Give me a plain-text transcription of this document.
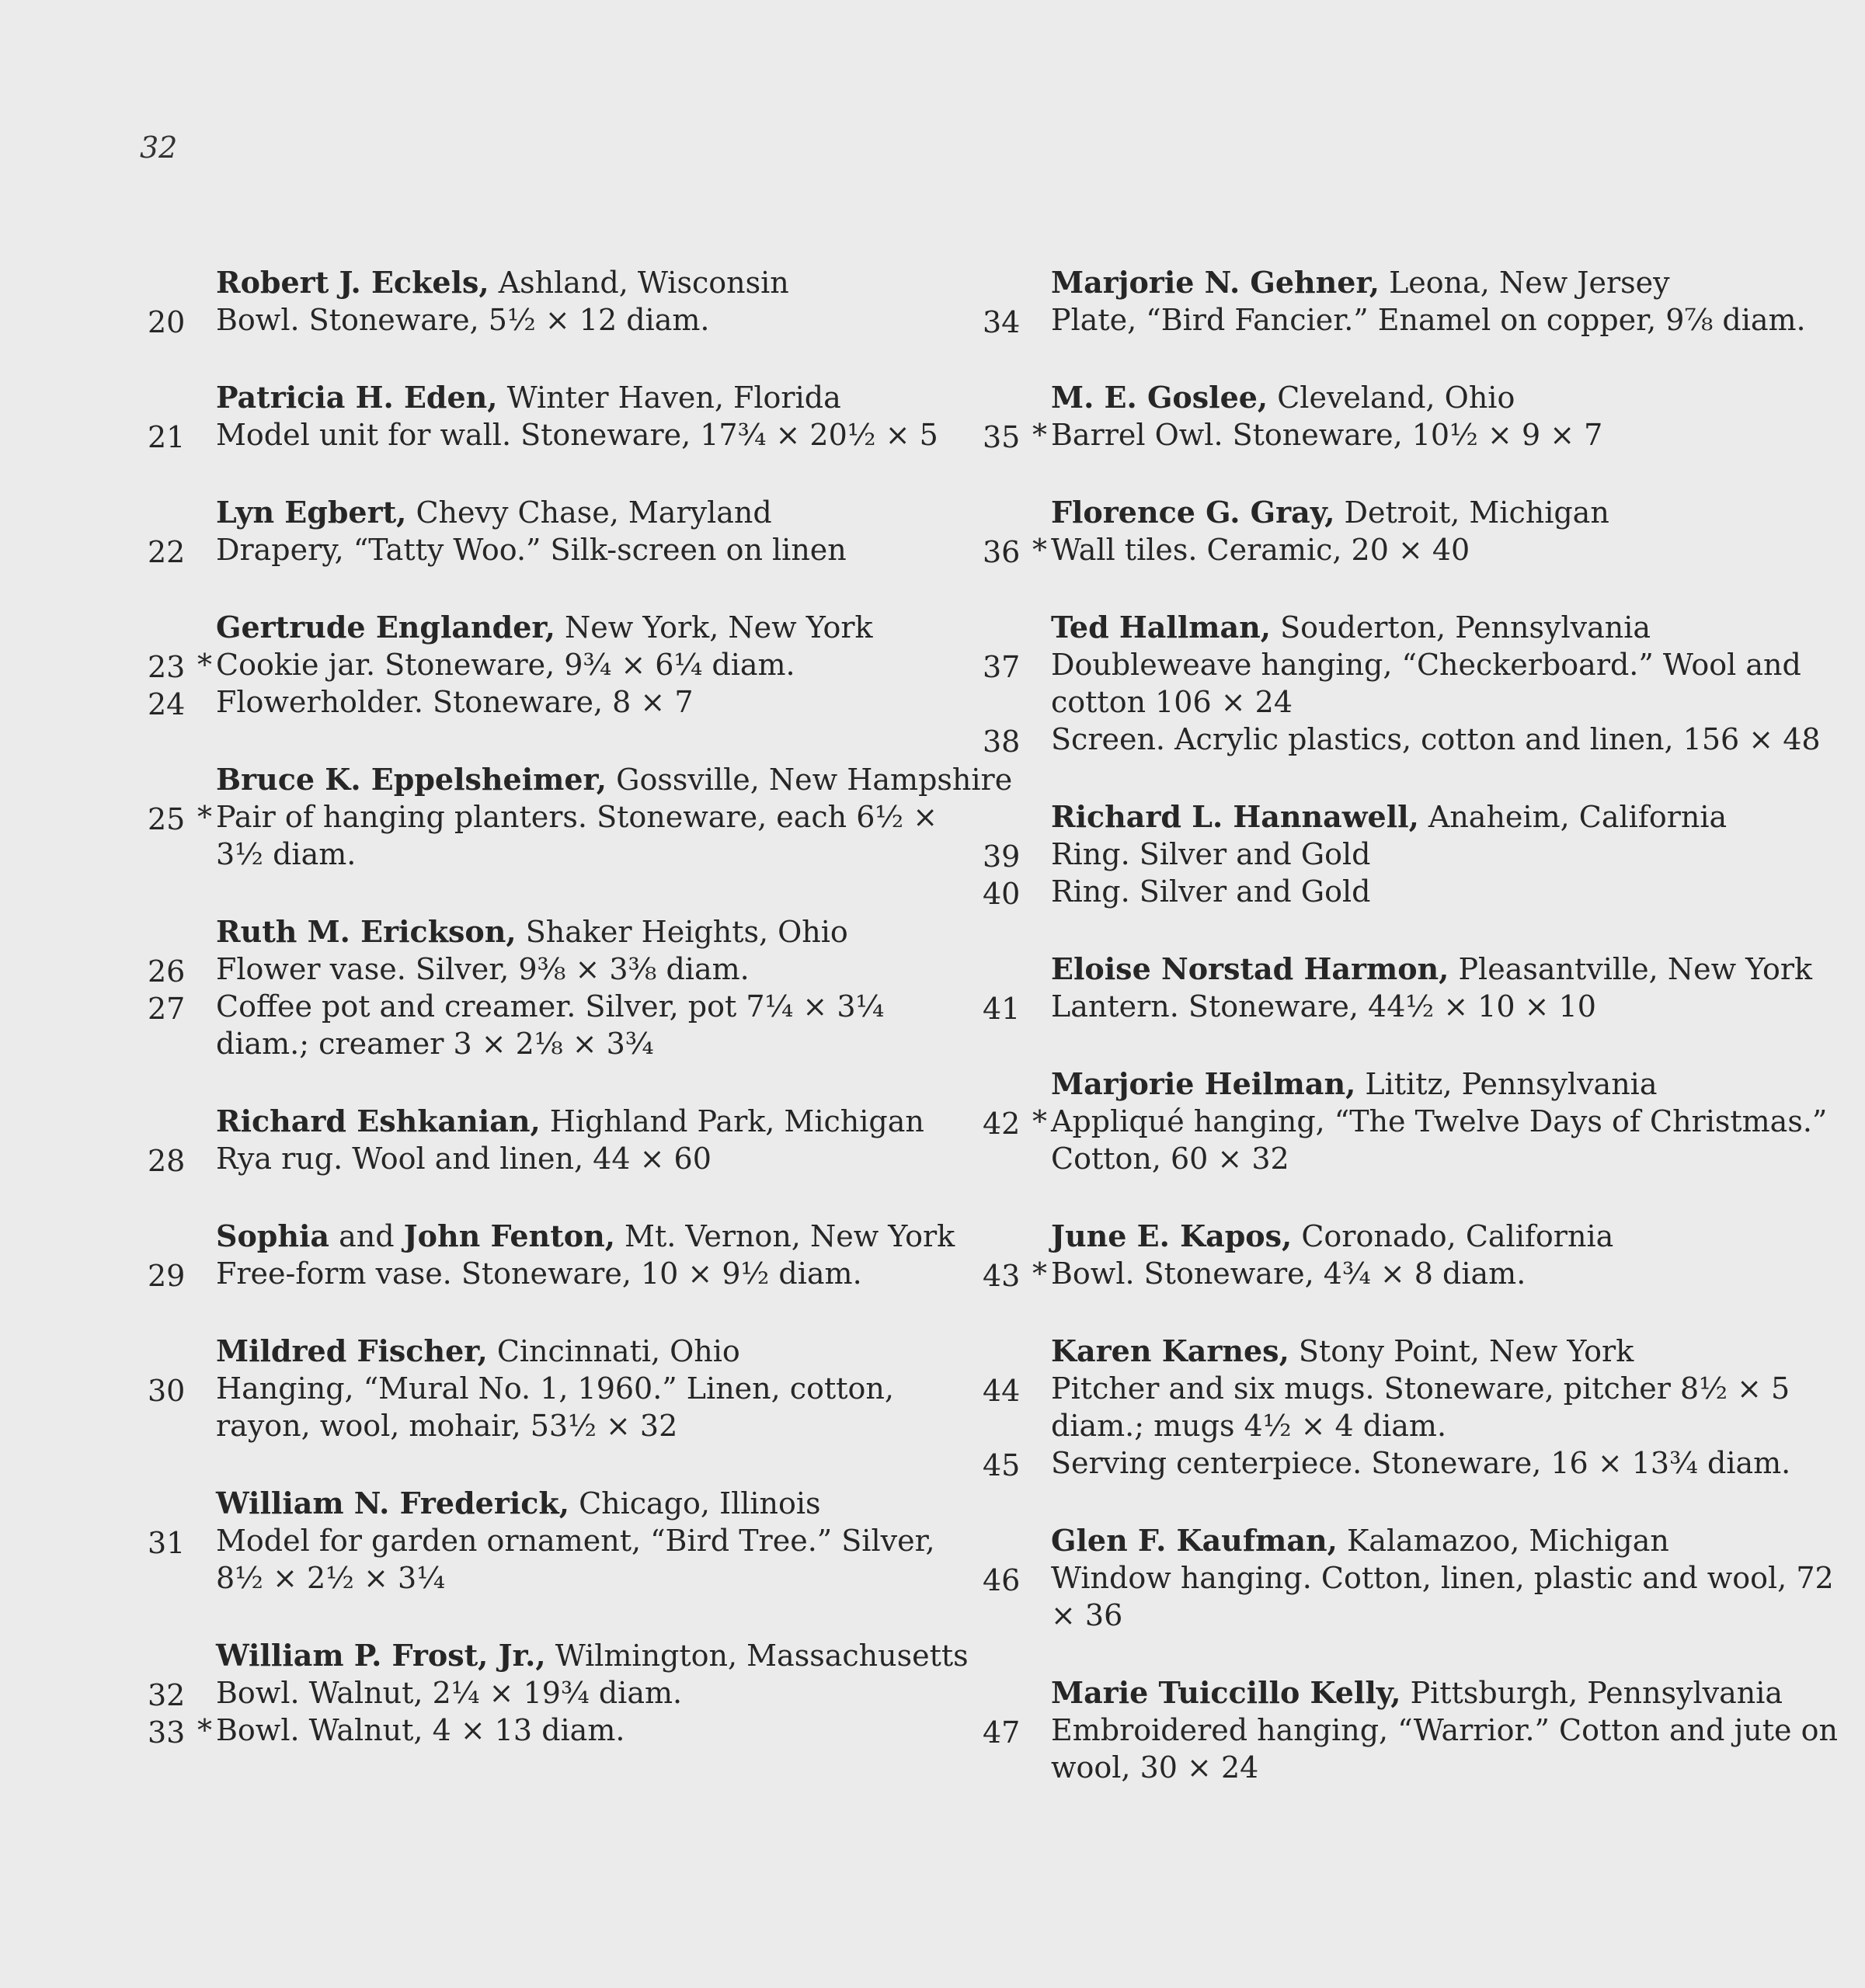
32
Robert J. Eckels, Ashland, Wisconsin
20	Bowl. Stoneware, 5½ × 12 diam.
Patricia H. Eden, Winter Haven, Florida
21	Model unit for wall. Stoneware, 17¾ × 20½ × 5
Lyn Egbert, Chevy Chase, Maryland
22	Drapery, “Tatty Woo.” Silk-screen on linen
Gertrude Englander, New York, New York
23 * Cookie jar. Stoneware, 9¾ × 6¼ diam.
24	Flowerholder. Stoneware, 8 × 7
Bruce K. Eppelsheimer, Gossville, New Hampshire
25 * Pair of hanging planters. Stoneware, each 6½ × 3½ diam.
Ruth M. Erickson, Shaker Heights, Ohio
26	Flower vase. Silver, 9⅜ × 3⅜ diam.
27	Coffee pot and creamer. Silver, pot 7¼ × 3¼ diam.; creamer 3 × 2⅛ × 3¾
Richard Eshkanian, Highland Park, Michigan
28	Rya rug. Wool and linen, 44 × 60
Sophia and John Fenton, Mt. Vernon, New York
29	Free-form vase. Stoneware, 10 × 9½ diam.
Mildred Fischer, Cincinnati, Ohio
30	Hanging, “Mural No. 1, 1960.” Linen, cotton, rayon, wool, mohair, 53½ × 32
William N. Frederick, Chicago, Illinois
31	Model for garden ornament, “Bird Tree.” Silver, 8½ × 2½ × 3¼
William P. Frost, Jr., Wilmington, Massachusetts
32	Bowl. Walnut, 2¼ × 19¾ diam.
33 * Bowl. Walnut, 4 × 13 diam.
Marjorie N. Gehner, Leona, New Jersey
34	Plate, “Bird Fancier.” Enamel on copper, 9⅞ diam.
M. E. Goslee, Cleveland, Ohio
35 * Barrel Owl. Stoneware, 10½ × 9 × 7
Florence G. Gray, Detroit, Michigan
36 * Wall tiles. Ceramic, 20 × 40
Ted Hallman, Souderton, Pennsylvania
37	Doubleweave hanging, “Checkerboard.” Wool and cotton 106 × 24
38	Screen. Acrylic plastics, cotton and linen, 156 × 48
Richard L. Hannawell, Anaheim, California
39	Ring. Silver and Gold
40	Ring. Silver and Gold
Eloise Norstad Harmon, Pleasantville, New York
41	Lantern. Stoneware, 44½ × 10 × 10
Marjorie Heilman, Lititz, Pennsylvania
42 * Appliqué hanging, “The Twelve Days of Christmas.” Cotton, 60 × 32
June E. Kapos, Coronado, California
43 * Bowl. Stoneware, 4¾ × 8 diam.
Karen Karnes, Stony Point, New York
44	Pitcher and six mugs. Stoneware, pitcher 8½ × 5 diam.; mugs 4½ × 4 diam.
45	Serving centerpiece. Stoneware, 16 × 13¾ diam.
Glen F. Kaufman, Kalamazoo, Michigan
46	Window hanging. Cotton, linen, plastic and wool, 72 × 36
Marie Tuiccillo Kelly, Pittsburgh, Pennsylvania
47	Embroidered hanging, “Warrior.” Cotton and jute on wool, 30 × 24
